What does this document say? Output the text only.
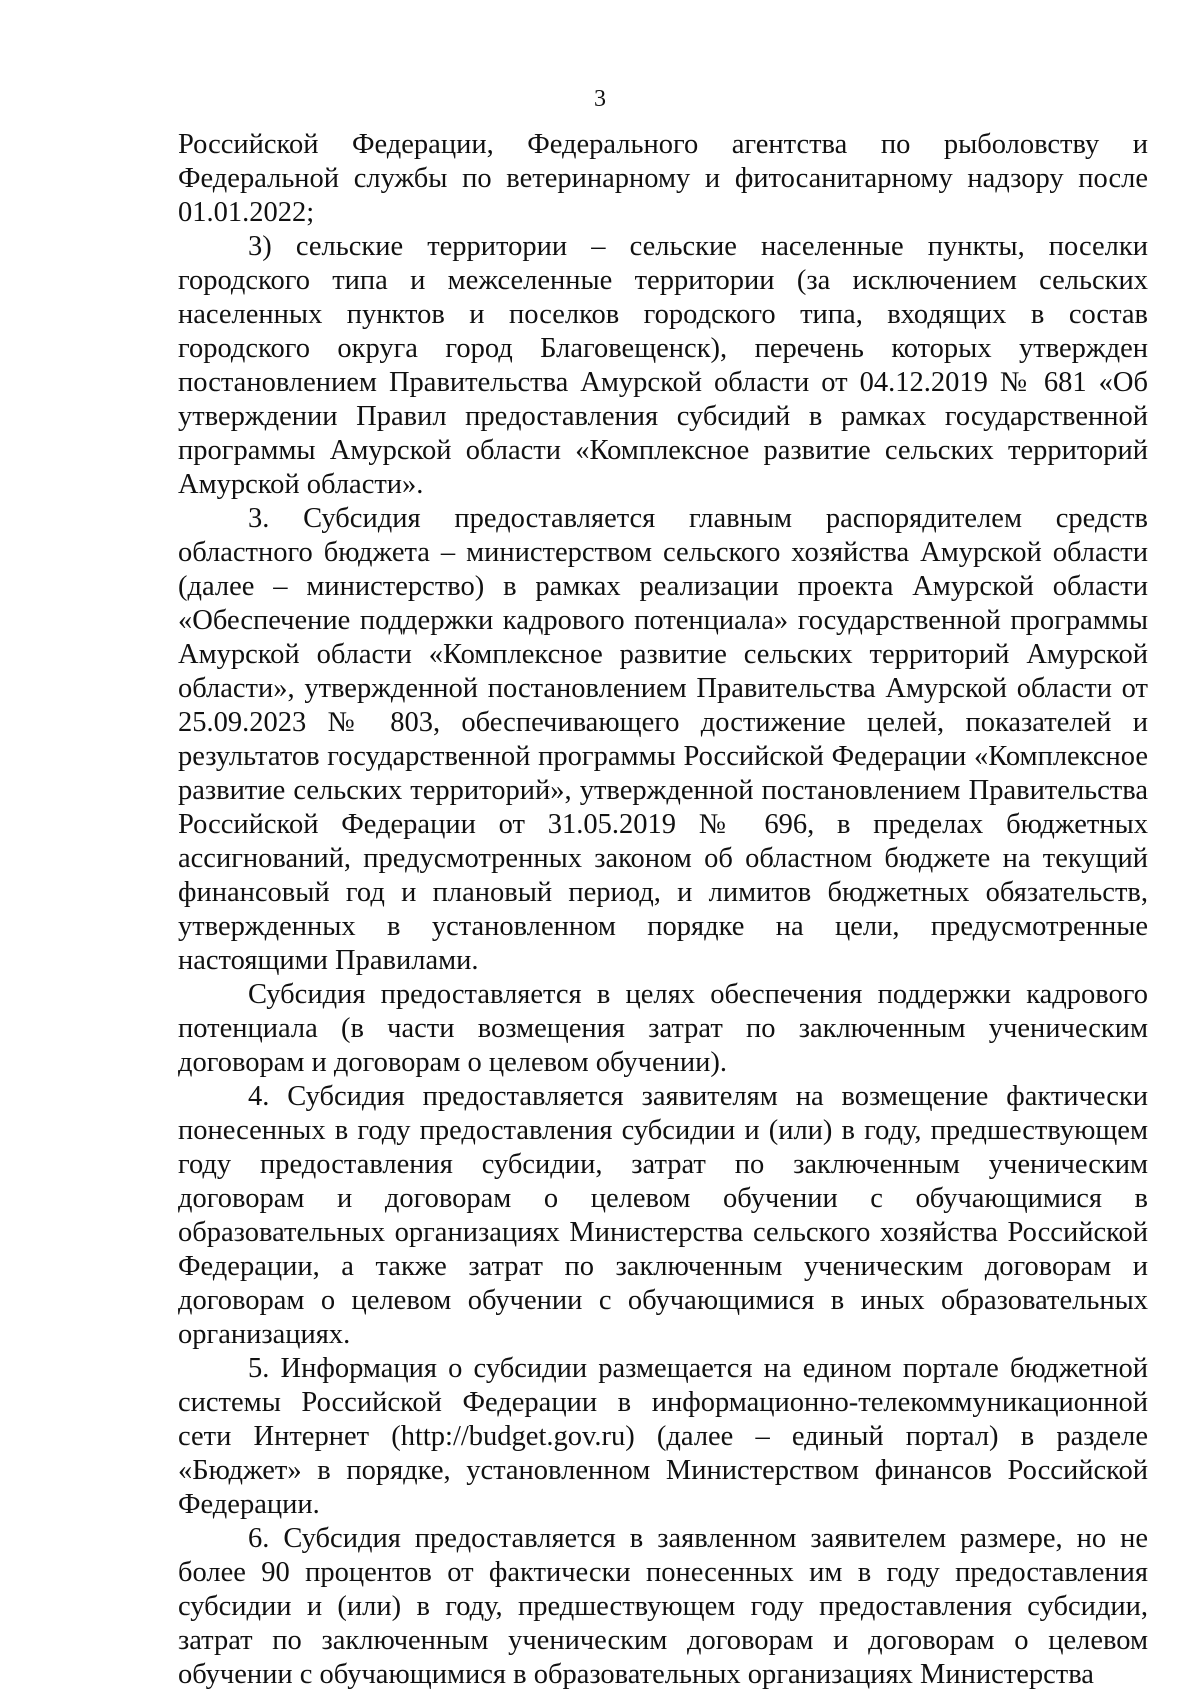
3

Российской Федерации, Федерального агентства по рыболовству и Федеральной службы по ветеринарному и фитосанитарному надзору после 01.01.2022;

3) сельские территории – сельские населенные пункты, поселки городского типа и межселенные территории (за исключением сельских населенных пунктов и поселков городского типа, входящих в состав городского округа город Благовещенск), перечень которых утвержден постановлением Правительства Амурской области от 04.12.2019 № 681 «Об утверждении Правил предоставления субсидий в рамках государственной программы Амурской области «Комплексное развитие сельских территорий Амурской области».

3. Субсидия предоставляется главным распорядителем средств областного бюджета – министерством сельского хозяйства Амурской области (далее – министерство) в рамках реализации проекта Амурской области «Обеспечение поддержки кадрового потенциала» государственной программы Амурской области «Комплексное развитие сельских территорий Амурской области», утвержденной постановлением Правительства Амурской области от 25.09.2023 № 803, обеспечивающего достижение целей, показателей и результатов государственной программы Российской Федерации «Комплексное развитие сельских территорий», утвержденной постановлением Правительства Российской Федерации от 31.05.2019 № 696, в пределах бюджетных ассигнований, предусмотренных законом об областном бюджете на текущий финансовый год и плановый период, и лимитов бюджетных обязательств, утвержденных в установленном порядке на цели, предусмотренные настоящими Правилами.

Субсидия предоставляется в целях обеспечения поддержки кадрового потенциала (в части возмещения затрат по заключенным ученическим договорам и договорам о целевом обучении).

4. Субсидия предоставляется заявителям на возмещение фактически понесенных в году предоставления субсидии и (или) в году, предшествующем году предоставления субсидии, затрат по заключенным ученическим договорам и договорам о целевом обучении с обучающимися в образовательных организациях Министерства сельского хозяйства Российской Федерации, а также затрат по заключенным ученическим договорам и договорам о целевом обучении с обучающимися в иных образовательных организациях.

5. Информация о субсидии размещается на едином портале бюджетной системы Российской Федерации в информационно-телекоммуникационной сети Интернет (http://budget.gov.ru) (далее – единый портал) в разделе «Бюджет» в порядке, установленном Министерством финансов Российской Федерации.

6. Субсидия предоставляется в заявленном заявителем размере, но не более 90 процентов от фактически понесенных им в году предоставления субсидии и (или) в году, предшествующем году предоставления субсидии, затрат по заключенным ученическим договорам и договорам о целевом обучении с обучающимися в образовательных организациях Министерства
